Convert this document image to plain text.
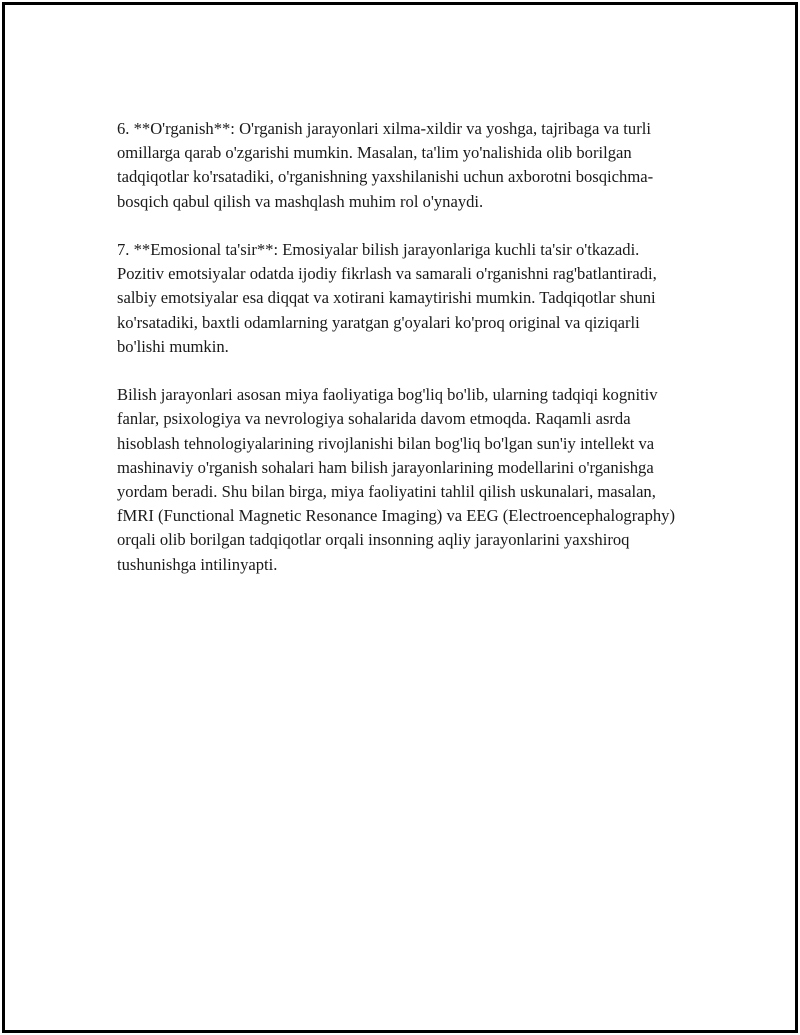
6. **O'rganish**: O'rganish jarayonlari xilma-xildir va yoshga, tajribaga va turli omillarga qarab o'zgarishi mumkin. Masalan, ta'lim yo'nalishida olib borilgan tadqiqotlar ko'rsatadiki, o'rganishning yaxshilanishi uchun axborotni bosqichma-bosqich qabul qilish va mashqlash muhim rol o'ynaydi.

7. **Emosional ta'sir**: Emosiyalar bilish jarayonlariga kuchli ta'sir o'tkazadi. Pozitiv emotsiyalar odatda ijodiy fikrlash va samarali o'rganishni rag'batlantiradi, salbiy emotsiyalar esa diqqat va xotirani kamaytirishi mumkin. Tadqiqotlar shuni ko'rsatadiki, baxtli odamlarning yaratgan g'oyalari ko'proq original va qiziqarli bo'lishi mumkin.

Bilish jarayonlari asosan miya faoliyatiga bog'liq bo'lib, ularning tadqiqi kognitiv fanlar, psixologiya va nevrologiya sohalarida davom etmoqda. Raqamli asrda hisoblash tehnologiyalarining rivojlanishi bilan bog'liq bo'lgan sun'iy intellekt va mashinaviy o'rganish sohalari ham bilish jarayonlarining modellarini o'rganishga yordam beradi. Shu bilan birga, miya faoliyatini tahlil qilish uskunalari, masalan, fMRI (Functional Magnetic Resonance Imaging) va EEG (Electroencephalography) orqali olib borilgan tadqiqotlar orqali insonning aqliy jarayonlarini yaxshiroq tushunishga intilinyapti.
